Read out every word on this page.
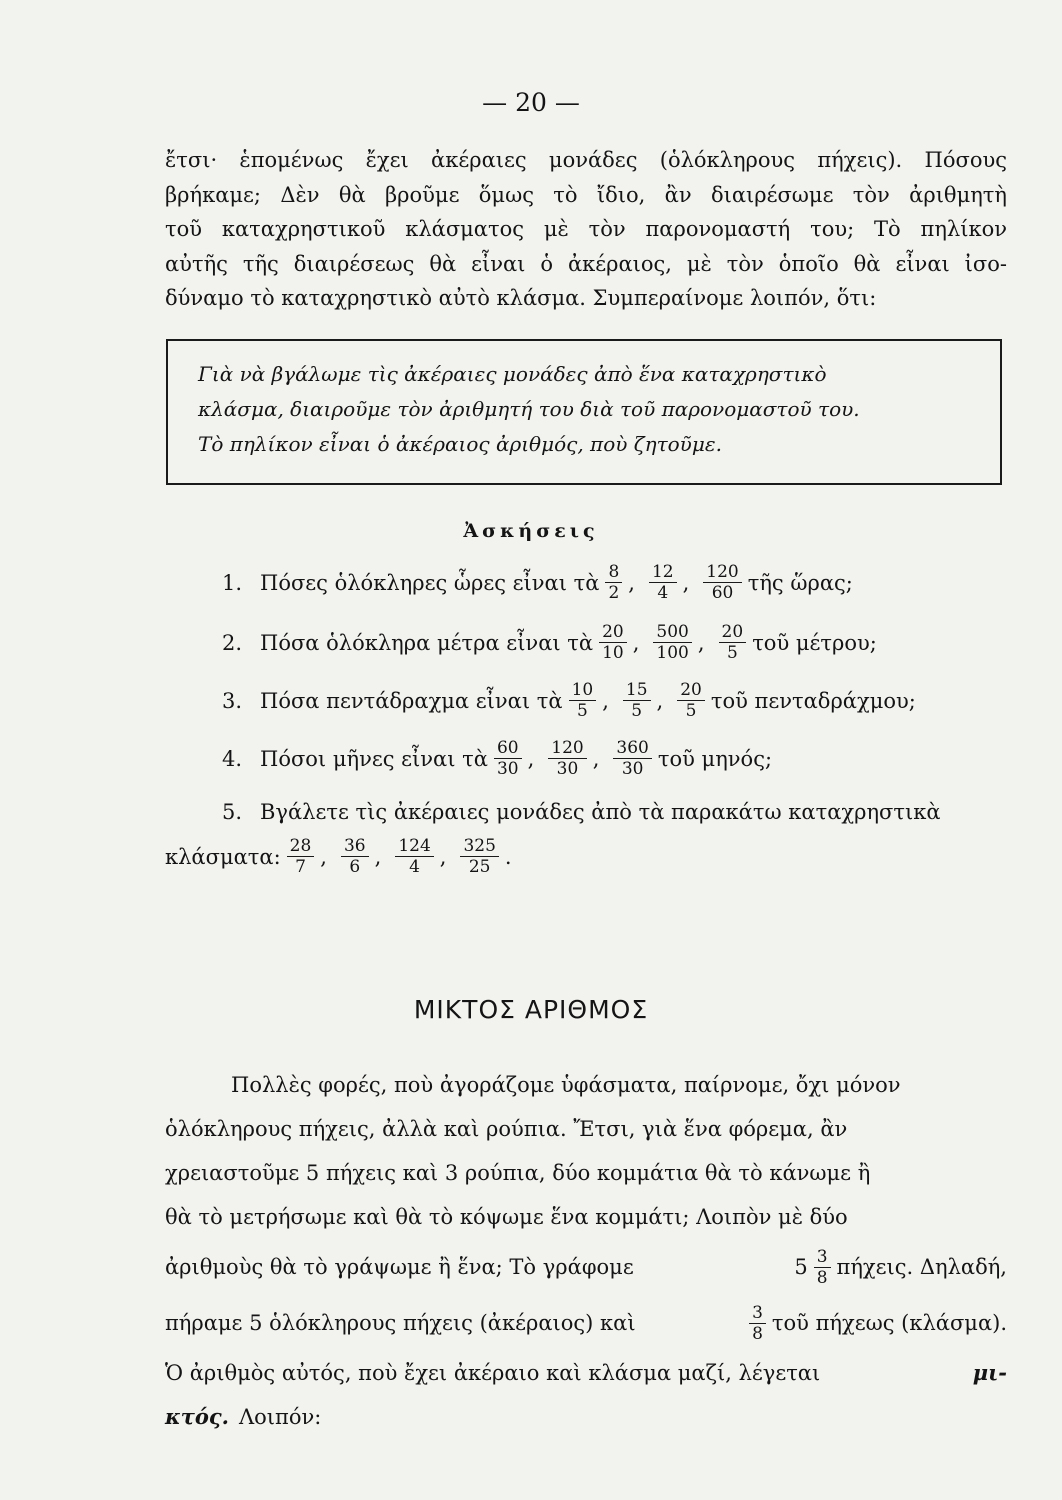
— 20 —
ἔτσι· ἑπομένως ἔχει ἀκέραιες μονάδες (ὁλόκληρους πήχεις). Πόσους
βρήκαμε; Δὲν θὰ βροῦμε ὅμως τὸ ἴδιο, ἂν διαιρέσωμε τὸν ἀριθμητὴ
τοῦ καταχρηστικοῦ κλάσματος μὲ τὸν παρονομαστή του; Τὸ πηλίκον
αὐτῆς τῆς διαιρέσεως θὰ εἶναι ὁ ἀκέραιος, μὲ τὸν ὁποῖο θὰ εἶναι ἰσο-
δύναμο τὸ καταχρηστικὸ αὐτὸ κλάσμα. Συμπεραίνομε λοιπόν, ὅτι:
Γιὰ νὰ βγάλωμε τὶς ἀκέραιες μονάδες ἀπὸ ἕνα καταχρηστικὸ
κλάσμα, διαιροῦμε τὸν ἀριθμητή του διὰ τοῦ παρονομαστοῦ του.
Τὸ πηλίκον εἶναι ὁ ἀκέραιος ἀριθμός, ποὺ ζητοῦμε.
Ἀσκήσεις
1. Πόσες ὁλόκληρες ὧρες εἶναι τὰ $\frac{8}{2}$ , $\frac{12}{4}$ , $\frac{120}{60}$ τῆς ὥρας;
2. Πόσα ὁλόκληρα μέτρα εἶναι τὰ $\frac{20}{10}$ , $\frac{500}{100}$ , $\frac{20}{5}$ τοῦ μέτρου;
3. Πόσα πεντάδραχμα εἶναι τὰ $\frac{10}{5}$ , $\frac{15}{5}$ , $\frac{20}{5}$ τοῦ πενταδράχμου;
4. Πόσοι μῆνες εἶναι τὰ $\frac{60}{30}$ , $\frac{120}{30}$ , $\frac{360}{30}$ τοῦ μηνός;
5. Βγάλετε τὶς ἀκέραιες μονάδες ἀπὸ τὰ παρακάτω καταχρηστικὰ
κλάσματα: $\frac{28}{7}$ , $\frac{36}{6}$ , $\frac{124}{4}$ , $\frac{325}{25}$ .
ΜΙΚΤΟΣ ΑΡΙΘΜΟΣ
Πολλὲς φορές, ποὺ ἀγοράζομε ὑφάσματα, παίρνομε, ὄχι μόνον
ὁλόκληρους πήχεις, ἀλλὰ καὶ ρούπια. Ἔτσι, γιὰ ἕνα φόρεμα, ἂν
χρειαστοῦμε 5 πήχεις καὶ 3 ρούπια, δύο κομμάτια θὰ τὸ κάνωμε ἢ
θὰ τὸ μετρήσωμε καὶ θὰ τὸ κόψωμε ἕνα κομμάτι; Λοιπὸν μὲ δύο
ἀριθμοὺς θὰ τὸ γράψωμε ἢ ἕνα; Τὸ γράφομε	$5 \frac{3}{8} \pi ή\chi\varepsilon\iota\varsigma$. Δηλαδή,
πήραμε 5 ὁλόκληρους πήχεις (ἀκέραιος) καὶ	$\frac{3}{8}$ τοῦ πήχεως (κλάσμα).
Ὁ ἀριθμὸς αὐτός, ποὺ ἔχει ἀκέραιο καὶ κλάσμα μαζί, λέγεται	μι-
κτός. Λοιπόν:
